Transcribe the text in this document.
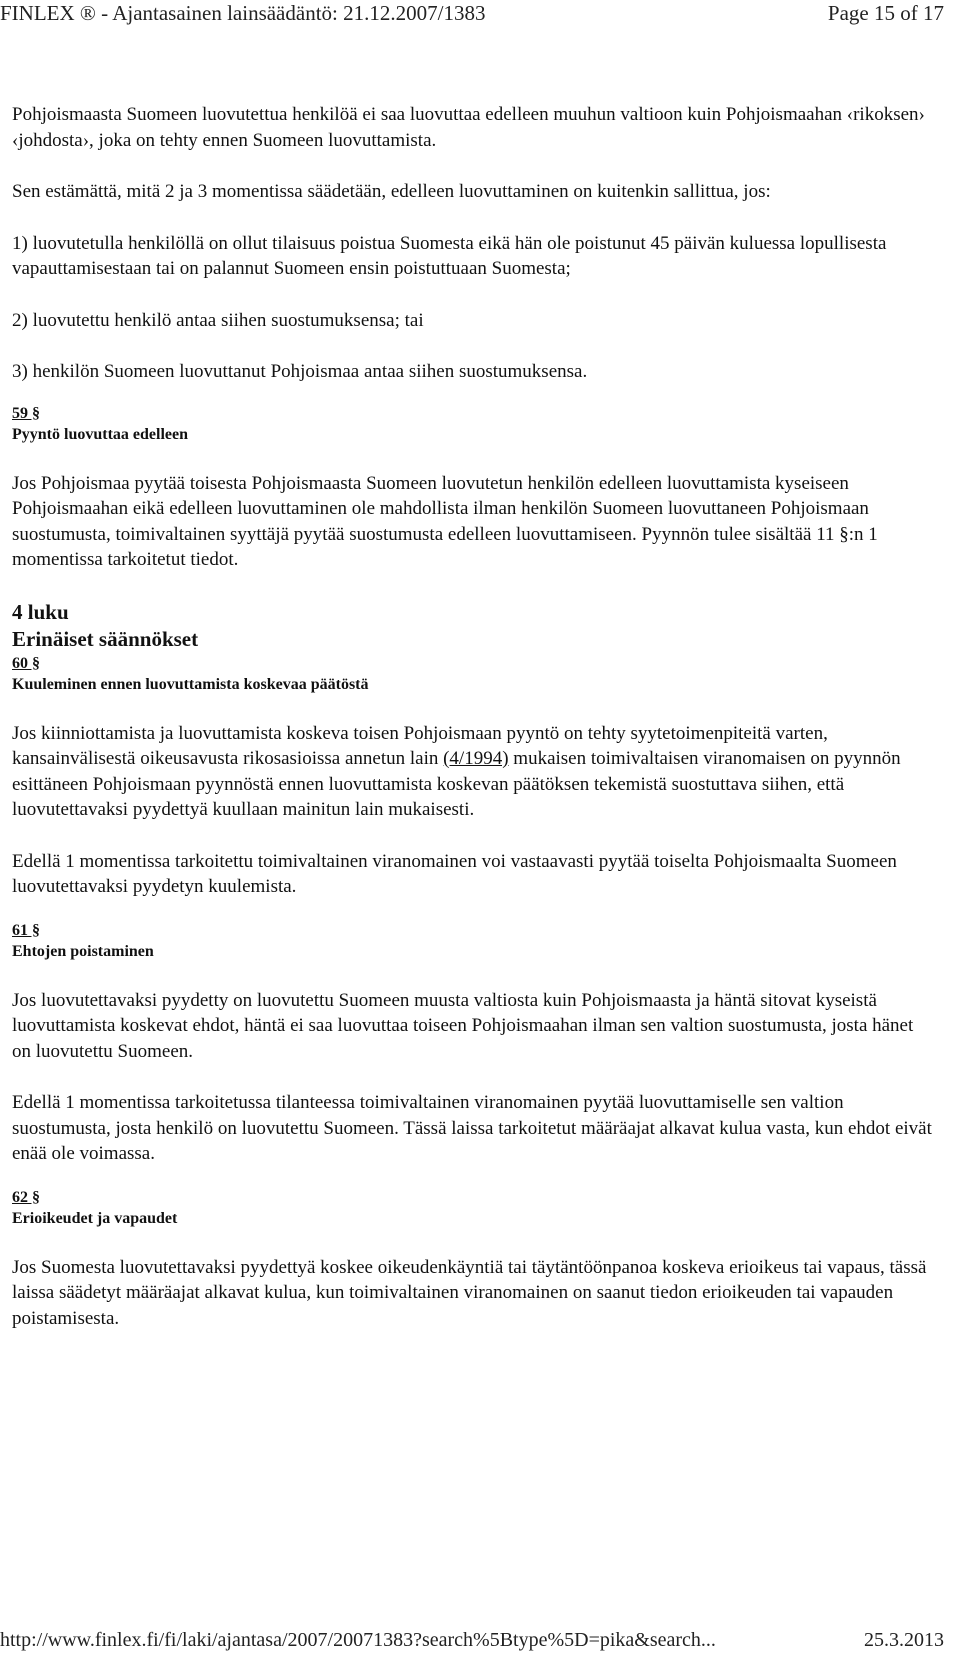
FINLEX ® - Ajantasainen lainsäädäntö: 21.12.2007/1383	Page 15 of 17

Pohjoismaasta Suomeen luovutettua henkilöä ei saa luovuttaa edelleen muuhun valtioon kuin Pohjoismaahan ‹rikoksen› ‹johdosta›, joka on tehty ennen Suomeen luovuttamista.

Sen estämättä, mitä 2 ja 3 momentissa säädetään, edelleen luovuttaminen on kuitenkin sallittua, jos:

1) luovutetulla henkilöllä on ollut tilaisuus poistua Suomesta eikä hän ole poistunut 45 päivän kuluessa lopullisesta vapauttamisestaan tai on palannut Suomeen ensin poistuttuaan Suomesta;

2) luovutettu henkilö antaa siihen suostumuksensa; tai

3) henkilön Suomeen luovuttanut Pohjoismaa antaa siihen suostumuksensa.

59 §
Pyyntö luovuttaa edelleen

Jos Pohjoismaa pyytää toisesta Pohjoismaasta Suomeen luovutetun henkilön edelleen luovuttamista kyseiseen Pohjoismaahan eikä edelleen luovuttaminen ole mahdollista ilman henkilön Suomeen luovuttaneen Pohjoismaan suostumusta, toimivaltainen syyttäjä pyytää suostumusta edelleen luovuttamiseen. Pyynnön tulee sisältää 11 §:n 1 momentissa tarkoitetut tiedot.

4 luku
Erinäiset säännökset
60 §
Kuuleminen ennen luovuttamista koskevaa päätöstä

Jos kiinniottamista ja luovuttamista koskeva toisen Pohjoismaan pyyntö on tehty syytetoimenpiteitä varten, kansainvälisestä oikeusavusta rikosasioissa annetun lain (4/1994) mukaisen toimivaltaisen viranomaisen on pyynnön esittäneen Pohjoismaan pyynnöstä ennen luovuttamista koskevan päätöksen tekemistä suostuttava siihen, että luovutettavaksi pyydettyä kuullaan mainitun lain mukaisesti.

Edellä 1 momentissa tarkoitettu toimivaltainen viranomainen voi vastaavasti pyytää toiselta Pohjoismaalta Suomeen luovutettavaksi pyydetyn kuulemista.

61 §
Ehtojen poistaminen

Jos luovutettavaksi pyydetty on luovutettu Suomeen muusta valtiosta kuin Pohjoismaasta ja häntä sitovat kyseistä luovuttamista koskevat ehdot, häntä ei saa luovuttaa toiseen Pohjoismaahan ilman sen valtion suostumusta, josta hänet on luovutettu Suomeen.

Edellä 1 momentissa tarkoitetussa tilanteessa toimivaltainen viranomainen pyytää luovuttamiselle sen valtion suostumusta, josta henkilö on luovutettu Suomeen. Tässä laissa tarkoitetut määräajat alkavat kulua vasta, kun ehdot eivät enää ole voimassa.

62 §
Erioikeudet ja vapaudet

Jos Suomesta luovutettavaksi pyydettyä koskee oikeudenkäyntiä tai täytäntöönpanoa koskeva erioikeus tai vapaus, tässä laissa säädetyt määräajat alkavat kulua, kun toimivaltainen viranomainen on saanut tiedon erioikeuden tai vapauden poistamisesta.

http://www.finlex.fi/fi/laki/ajantasa/2007/20071383?search%5Btype%5D=pika&search...	25.3.2013
